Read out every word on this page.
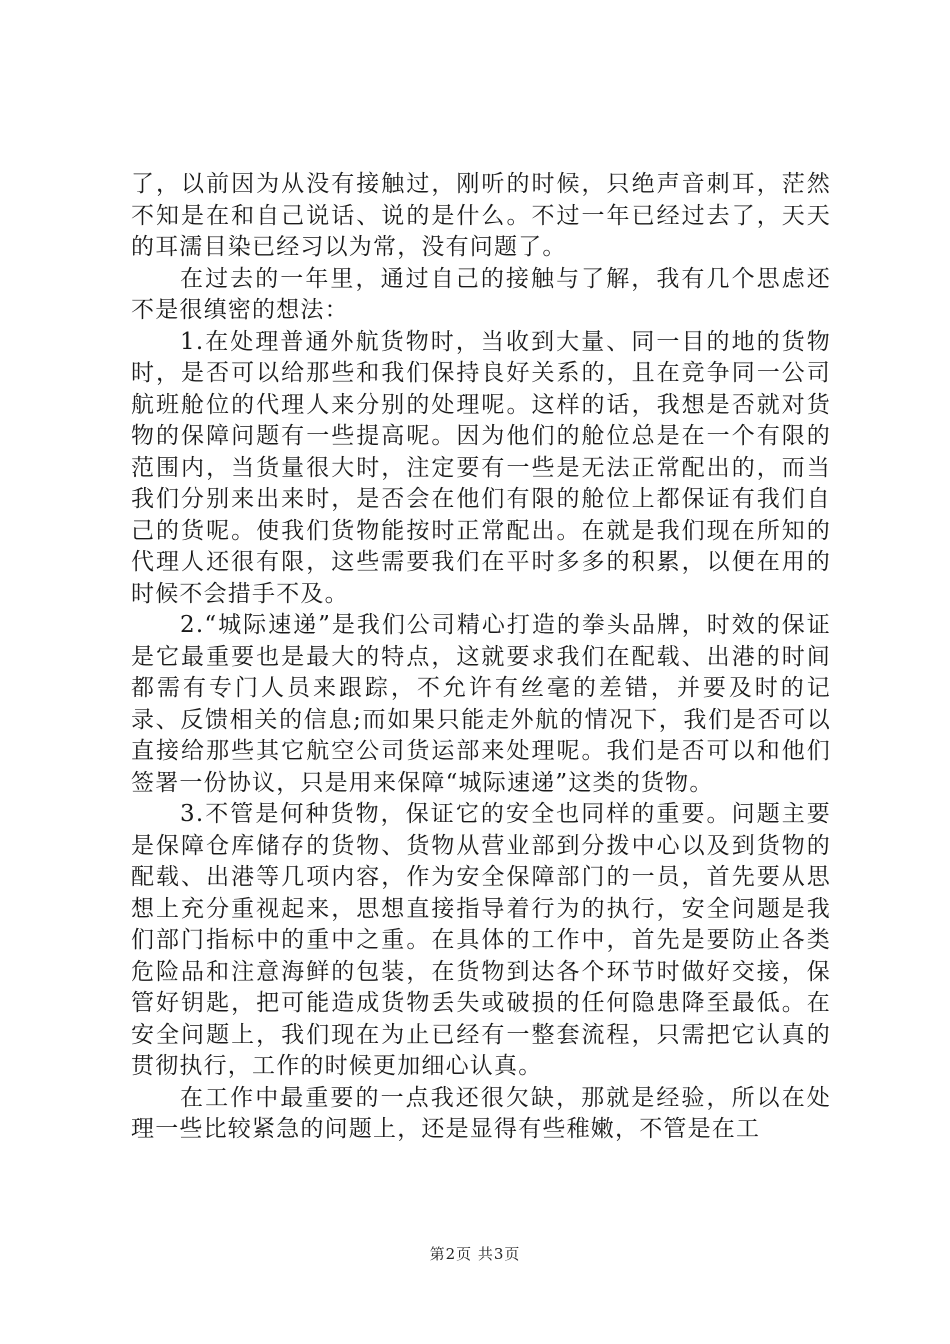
了，以前因为从没有接触过，刚听的时候，只绝声音刺耳，茫然不知是在和自己说话、说的是什么。不过一年已经过去了，天天的耳濡目染已经习以为常，没有问题了。

在过去的一年里，通过自己的接触与了解，我有几个思虑还不是很缜密的想法：

1.在处理普通外航货物时，当收到大量、同一目的地的货物时，是否可以给那些和我们保持良好关系的，且在竞争同一公司航班舱位的代理人来分别的处理呢。这样的话，我想是否就对货物的保障问题有一些提高呢。因为他们的舱位总是在一个有限的范围内，当货量很大时，注定要有一些是无法正常配出的，而当我们分别来出来时，是否会在他们有限的舱位上都保证有我们自己的货呢。使我们货物能按时正常配出。在就是我们现在所知的代理人还很有限，这些需要我们在平时多多的积累，以便在用的时候不会措手不及。

2.“城际速递”是我们公司精心打造的拳头品牌，时效的保证是它最重要也是最大的特点，这就要求我们在配载、出港的时间都需有专门人员来跟踪，不允许有丝毫的差错，并要及时的记录、反馈相关的信息;而如果只能走外航的情况下，我们是否可以直接给那些其它航空公司货运部来处理呢。我们是否可以和他们签署一份协议，只是用来保障“城际速递”这类的货物。

3.不管是何种货物，保证它的安全也同样的重要。问题主要是保障仓库储存的货物、货物从营业部到分拨中心以及到货物的配载、出港等几项内容，作为安全保障部门的一员，首先要从思想上充分重视起来，思想直接指导着行为的执行，安全问题是我们部门指标中的重中之重。在具体的工作中，首先是要防止各类危险品和注意海鲜的包装，在货物到达各个环节时做好交接，保管好钥匙，把可能造成货物丢失或破损的任何隐患降至最低。在安全问题上，我们现在为止已经有一整套流程，只需把它认真的贯彻执行，工作的时候更加细心认真。

在工作中最重要的一点我还很欠缺，那就是经验，所以在处理一些比较紧急的问题上，还是显得有些稚嫩，不管是在工

第2页 共3页
